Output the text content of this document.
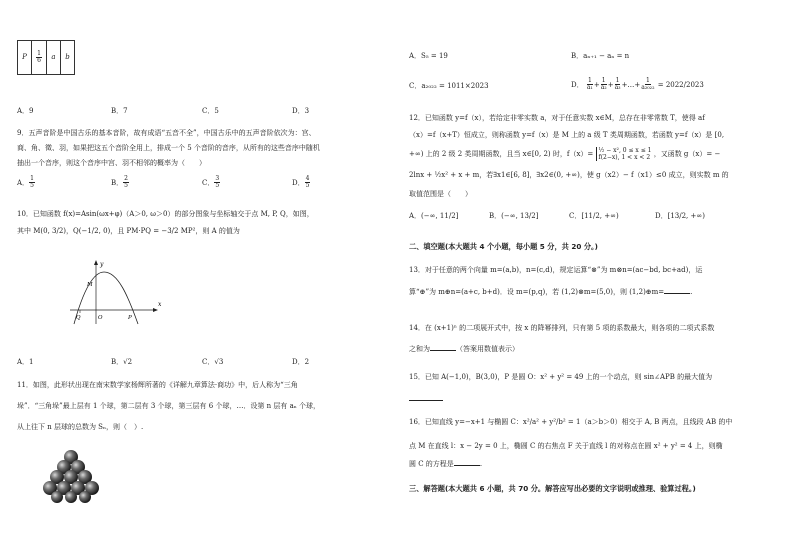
P	$\frac{1}{6}$	a	b
A．9	B．7	C．5	D．3
9．五声音阶是中国古乐的基本音阶，故有成语“五音不全”，中国古乐中的五声音阶依次为：宫、
商、角、徵、羽，如果把这五个音阶全用上，排成一个 5 个音阶的音序，从所有的这些音序中随机
抽出一个音序，则这个音序中宫、羽不相邻的概率为（　　）
A． $\frac{1}{5}$	B． $\frac{2}{5}$	C． $\frac{3}{5}$	D． $\frac{4}{5}$
10．已知函数 f(x)=Asin(ωx+φ)（A＞0, ω＞0）的部分图象与坐标轴交于点 M, P, Q，如图，
其中 M(0, 3/2)，Q(−1/2, 0)，且 PM·PQ = −3/2 MP²，则 A 的值为
y
x
M
Q	O	P
A．1	B．√2	C．√3	D．2
11．如图，此形状出现在南宋数学家杨辉所著的《详解九章算法·商功》中，后人称为“三角
垛”．“三角垛”最上层有 1 个球，第二层有 3 个球，第三层有 6 个球，…．设第 n 层有 aₙ 个球，
从上往下 n 层球的总数为 Sₙ，则（　）.
A．S₅ = 19	B．aₙ₊₁ − aₙ = n
C．a₂₀₂₂ = 1011×2023	D． $\frac{1}{\text{a₁}} + \frac{1}{\text{a₂}} + \frac{1}{\text{a₃}}$ +…+ $\frac{1}{\text{a₂₀₂₂}} = 2022/2023$
12．已知函数 y=f（x），若给定非零实数 a，对于任意实数 x∈M，总存在非零常数 T，使得 af
（x）=f（x+T）恒成立，则称函数 y=f（x）是 M 上的 a 级 T 类周期函数，若函数 y=f（x）是 [0,
+∞) 上的 2 级 2 类周期函数，且当 x∈[0, 2) 时，f（x）= ½ − x², 0 ≤ x ≤ 1
f(2−x), 1 < x < 2 ，又函数 g（x）= −
2lnx + ½x² + x + m，若∃x1∈[6, 8]，∃x2∈(0, +∞)，使 g（x2）− f（x1）≤0 成立，则实数 m 的
取值范围是（　　）
A．(−∞, 11/2]	B．(−∞, 13/2]	C．[11/2, +∞)	D．[13/2, +∞)
二、填空题(本大题共 4 个小题，每小题 5 分，共 20 分。)
13．对于任意的两个向量 m=(a,b)，n=(c,d)，规定运算“⊗”为 m⊗n=(ac−bd, bc+ad)，运
算“⊕”为 m⊕n=(a+c, b+d)．设 m=(p,q)，若 (1,2)⊗m=(5,0)，则 (1,2)⊕m=	.
14．在 (x+1)ⁿ 的二项展开式中，按 x 的降幂排列，只有第 5 项的系数最大，则各项的二项式系数
之和为	（答案用数值表示）
15．已知 A(−1,0)，B(3,0)，P 是圆 O：x² + y² = 49 上的一个动点，则 sin∠APB 的最大值为
16．已知直线 y=−x+1 与椭圆 C：x²/a² + y²/b² = 1（a＞b＞0）相交于 A, B 两点，且线段 AB 的中
点 M 在直线 l：x − 2y = 0 上，椭圆 C 的右焦点 F 关于直线 l 的对称点在圆 x² + y² = 4 上，则椭
圆 C 的方程是	.
三、解答题(本大题共 6 小题，共 70 分。解答应写出必要的文字说明或推理、验算过程。)
